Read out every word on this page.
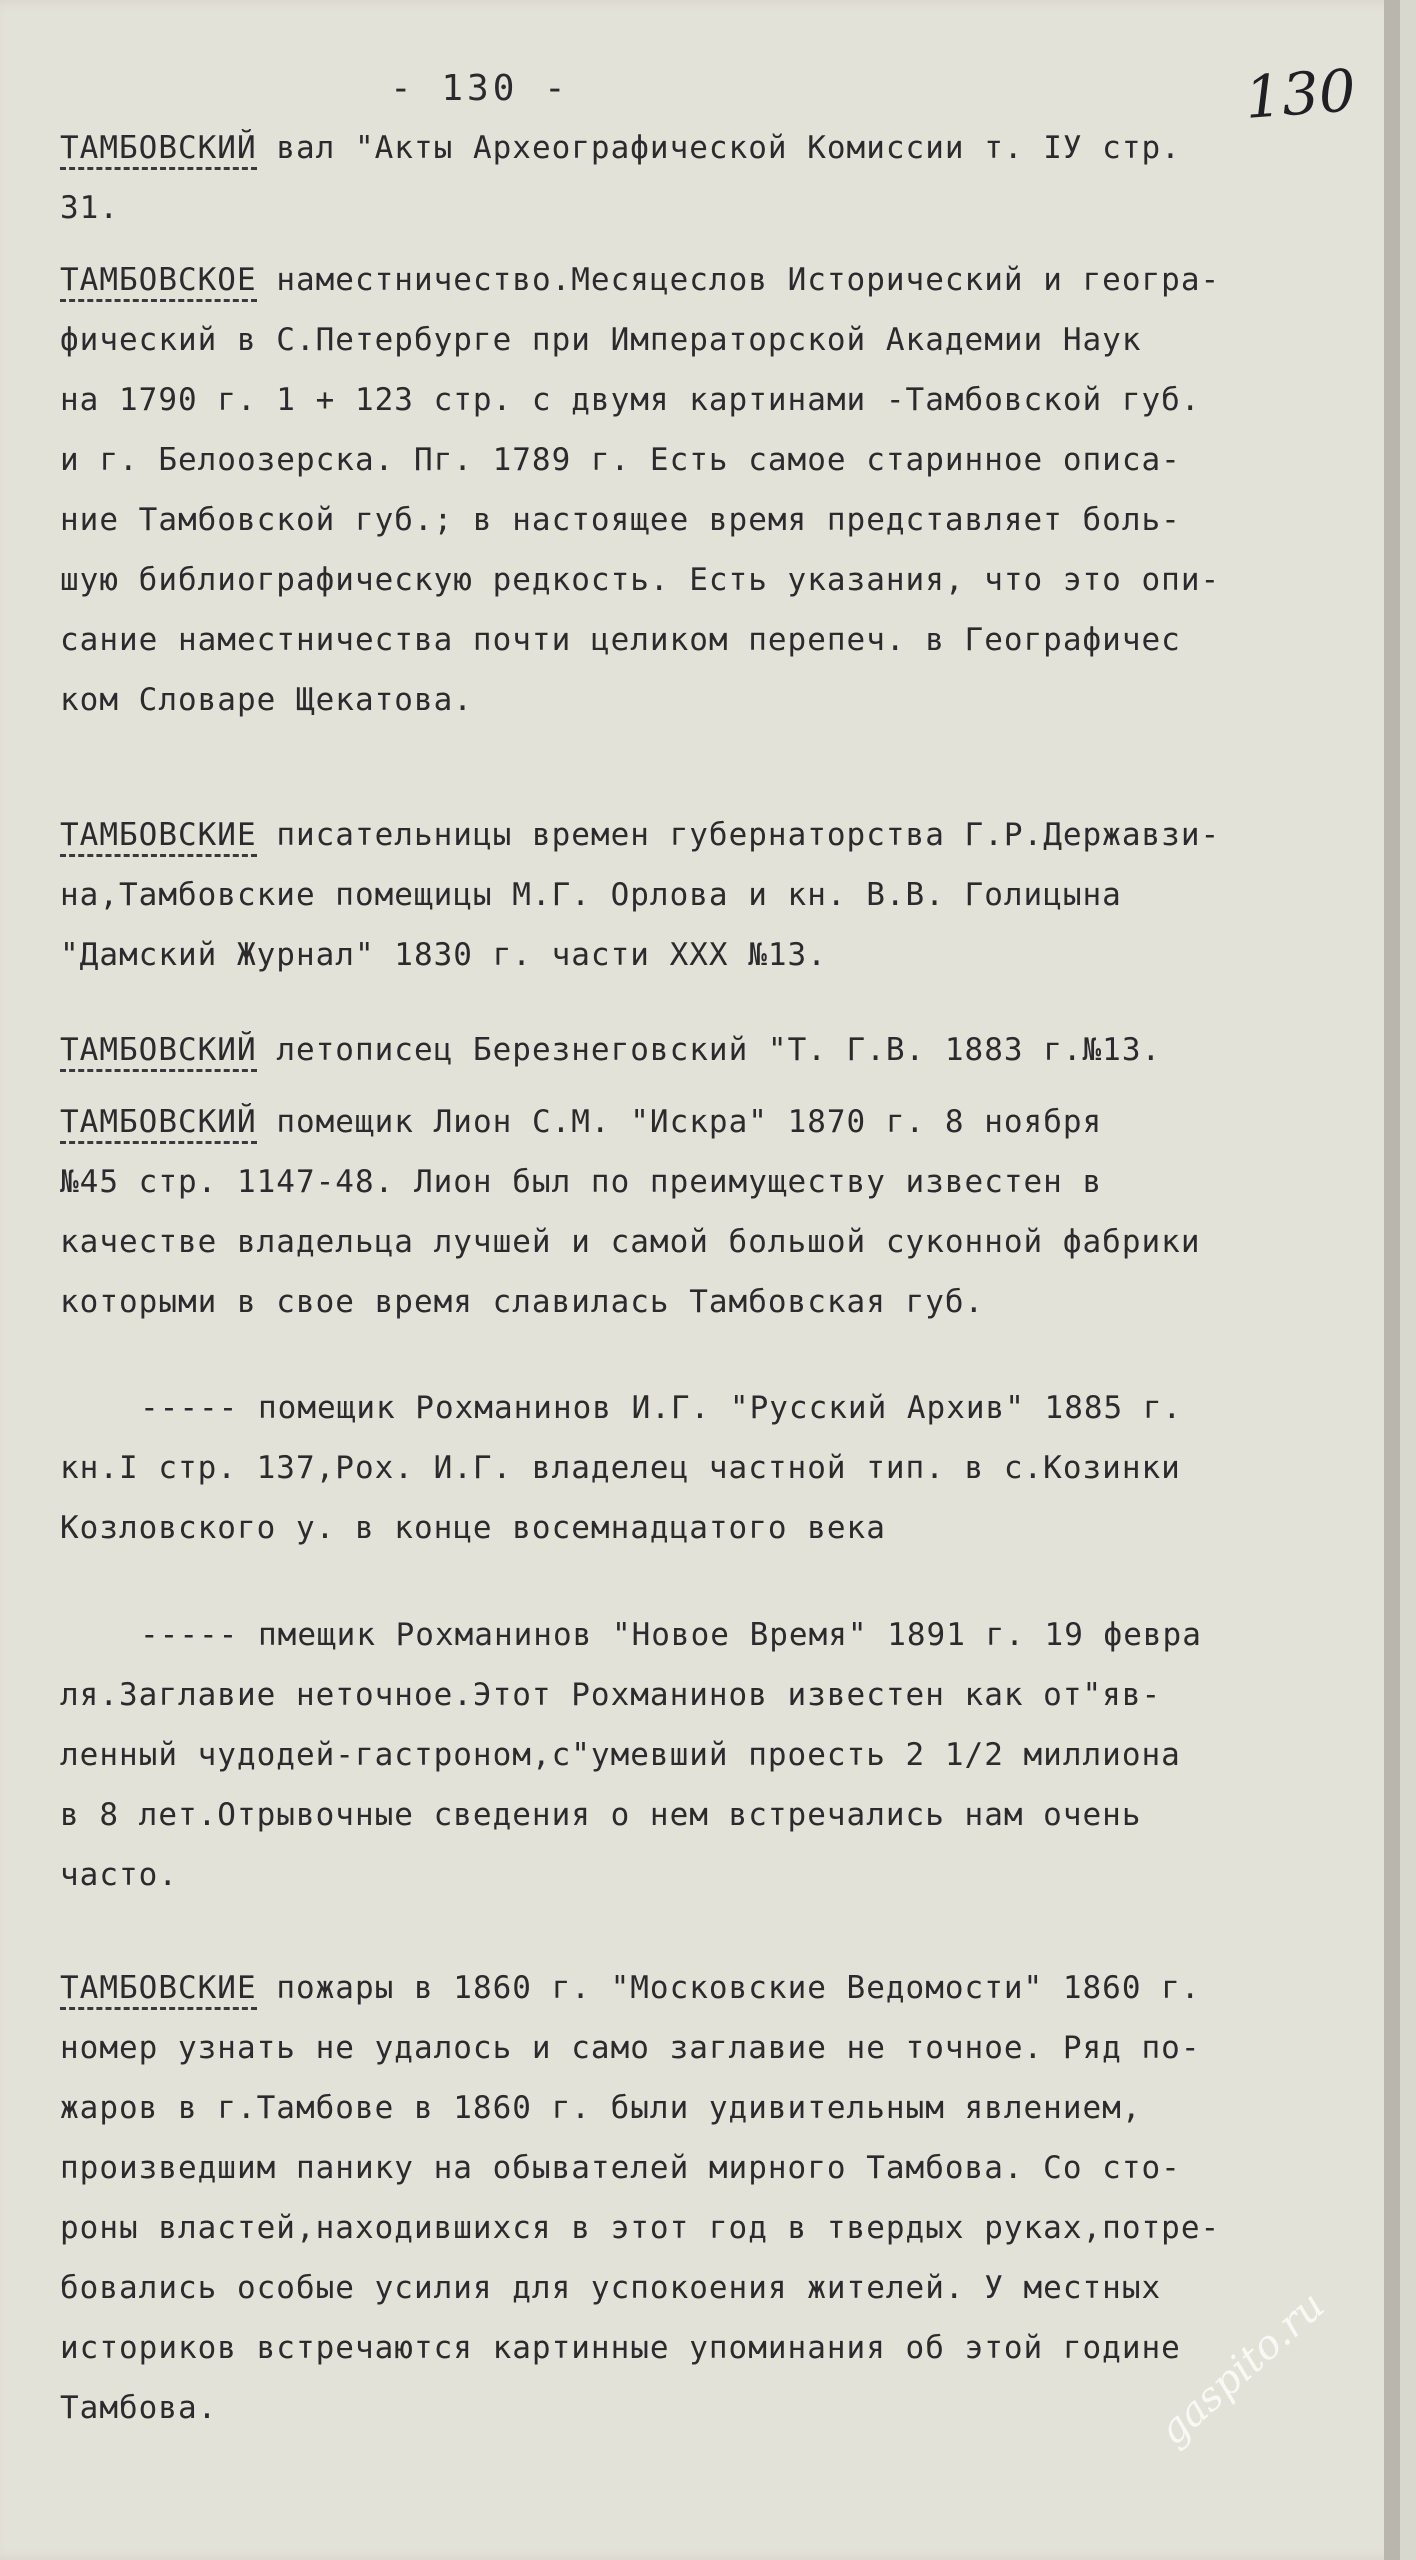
- 130 -	130
ТАМБОВСКИЙ вал "Акты Археографической Комиссии т. IУ стр.
31.
ТАМБОВСКОЕ наместничество.Месяцеслов Исторический и геогра-
фический в С.Петербурге при Императорской Академии Наук
на 1790 г. 1 + 123 стр. с двумя картинами -Тамбовской губ.
и г. Белоозерска. Пг. 1789 г. Есть самое старинное описа-
ние Тамбовской губ.; в настоящее время представляет боль-
шую библиографическую редкость. Есть указания, что это опи-
сание наместничества почти целиком перепеч. в Географичес
ком Словаре Щекатова.
ТАМБОВСКИЕ писательницы времен губернаторства Г.Р.Державзи-
на,Тамбовские помещицы М.Г. Орлова и кн. В.В. Голицына
"Дамский Журнал" 1830 г. части XXX №13.
ТАМБОВСКИЙ летописец Березнеговский "Т. Г.В. 1883 г.№13.
ТАМБОВСКИЙ помещик Лион С.М. "Искра" 1870 г. 8 ноября
№45 стр. 1147-48. Лион был по преимуществу известен в
качестве владельца лучшей и самой большой суконной фабрики
которыми в свое время славилась Тамбовская губ.
----- помещик Рохманинов И.Г. "Русский Архив" 1885 г.
кн.I стр. 137,Рох. И.Г. владелец частной тип. в с.Козинки
Козловского у. в конце восемнадцатого века
----- пмещик Рохманинов "Новое Время" 1891 г. 19 февра
ля.Заглавие неточное.Этот Рохманинов известен как от"яв-
ленный чудодей-гастроном,с"умевший проесть 2 1/2 миллиона
в 8 лет.Отрывочные сведения о нем встречались нам очень
часто.
ТАМБОВСКИЕ пожары в 1860 г. "Московские Ведомости" 1860 г.
номер узнать не удалось и само заглавие не точное. Ряд по-
жаров в г.Тамбове в 1860 г. были удивительным явлением,
произведшим панику на обывателей мирного Тамбова. Со сто-
роны властей,находившихся в этот год в твердых руках,потре-
бовались особые усилия для успокоения жителей. У местных
историков встречаются картинные упоминания об этой године
Тамбова.	gaspito.ru
